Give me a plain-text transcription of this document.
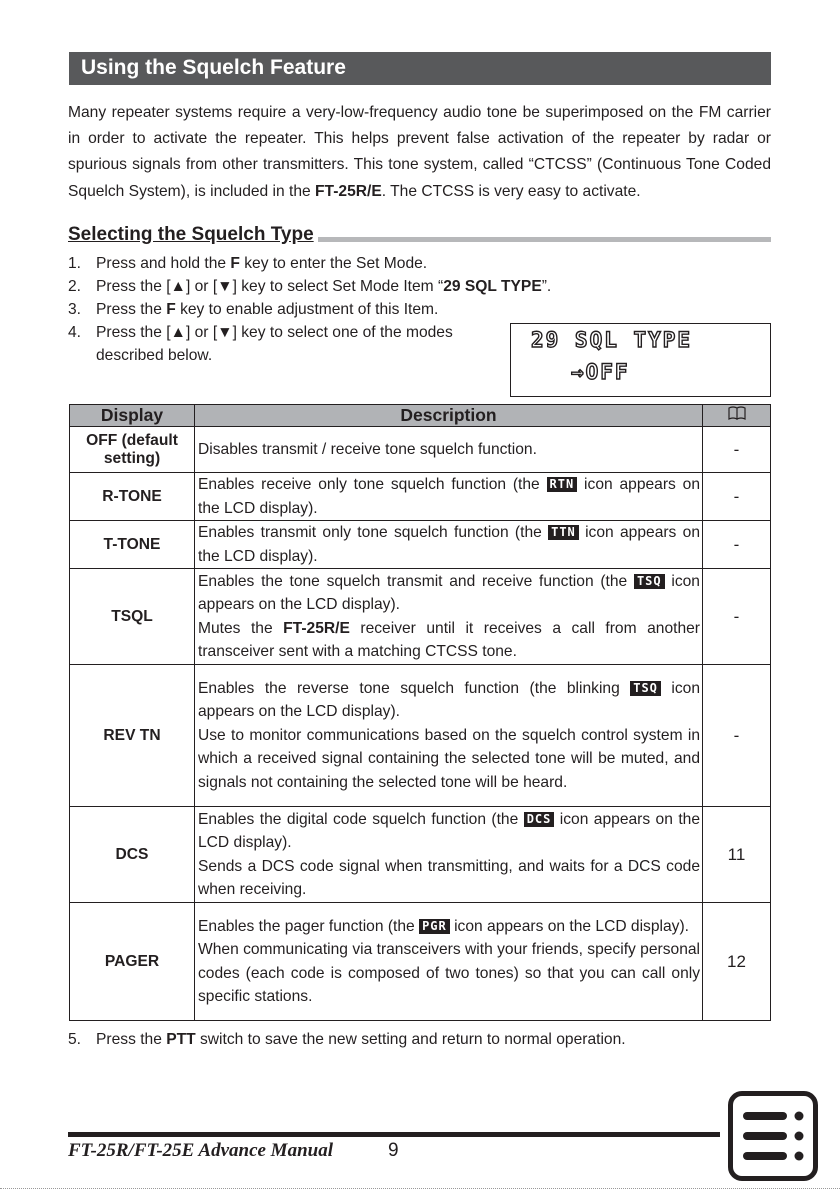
Using the Squelch Feature
Many repeater systems require a very-low-frequency audio tone be superimposed on the FM carrier in order to activate the repeater. This helps prevent false activation of the repeater by radar or spurious signals from other transmitters. This tone system, called “CTCSS” (Continuous Tone Coded Squelch System), is included in the FT-25R/E. The CTCSS is very easy to activate.
Selecting the Squelch Type
1. Press and hold the F key to enter the Set Mode.
2. Press the [▲] or [▼] key to select Set Mode Item “29 SQL TYPE”.
3. Press the F key to enable adjustment of this Item.
4. Press the [▲] or [▼] key to select one of the modes described below.
29 SQL TYPE
→OFF
Display	Description	
OFF (default setting)	Disables transmit / receive tone squelch function.	-
R-TONE	Enables receive only tone squelch function (the RTN icon appears on the LCD display).	-
T-TONE	Enables transmit only tone squelch function (the TTN icon appears on the LCD display).	-
TSQL	Enables the tone squelch transmit and receive function (the TSQ icon appears on the LCD display).
Mutes the FT-25R/E receiver until it receives a call from another transceiver sent with a matching CTCSS tone.	-
REV TN	Enables the reverse tone squelch function (the blinking TSQ icon appears on the LCD display).
Use to monitor communications based on the squelch control system in which a received signal containing the selected tone will be muted, and signals not containing the selected tone will be heard.	-
DCS	Enables the digital code squelch function (the DCS icon appears on the LCD display).
Sends a DCS code signal when transmitting, and waits for a DCS code when receiving.	11
PAGER	Enables the pager function (the PGR icon appears on the LCD display).
When communicating via transceivers with your friends, specify personal codes (each code is composed of two tones) so that you can call only specific stations.	12
5. Press the PTT switch to save the new setting and return to normal operation.
FT-25R/FT-25E Advance Manual	9
